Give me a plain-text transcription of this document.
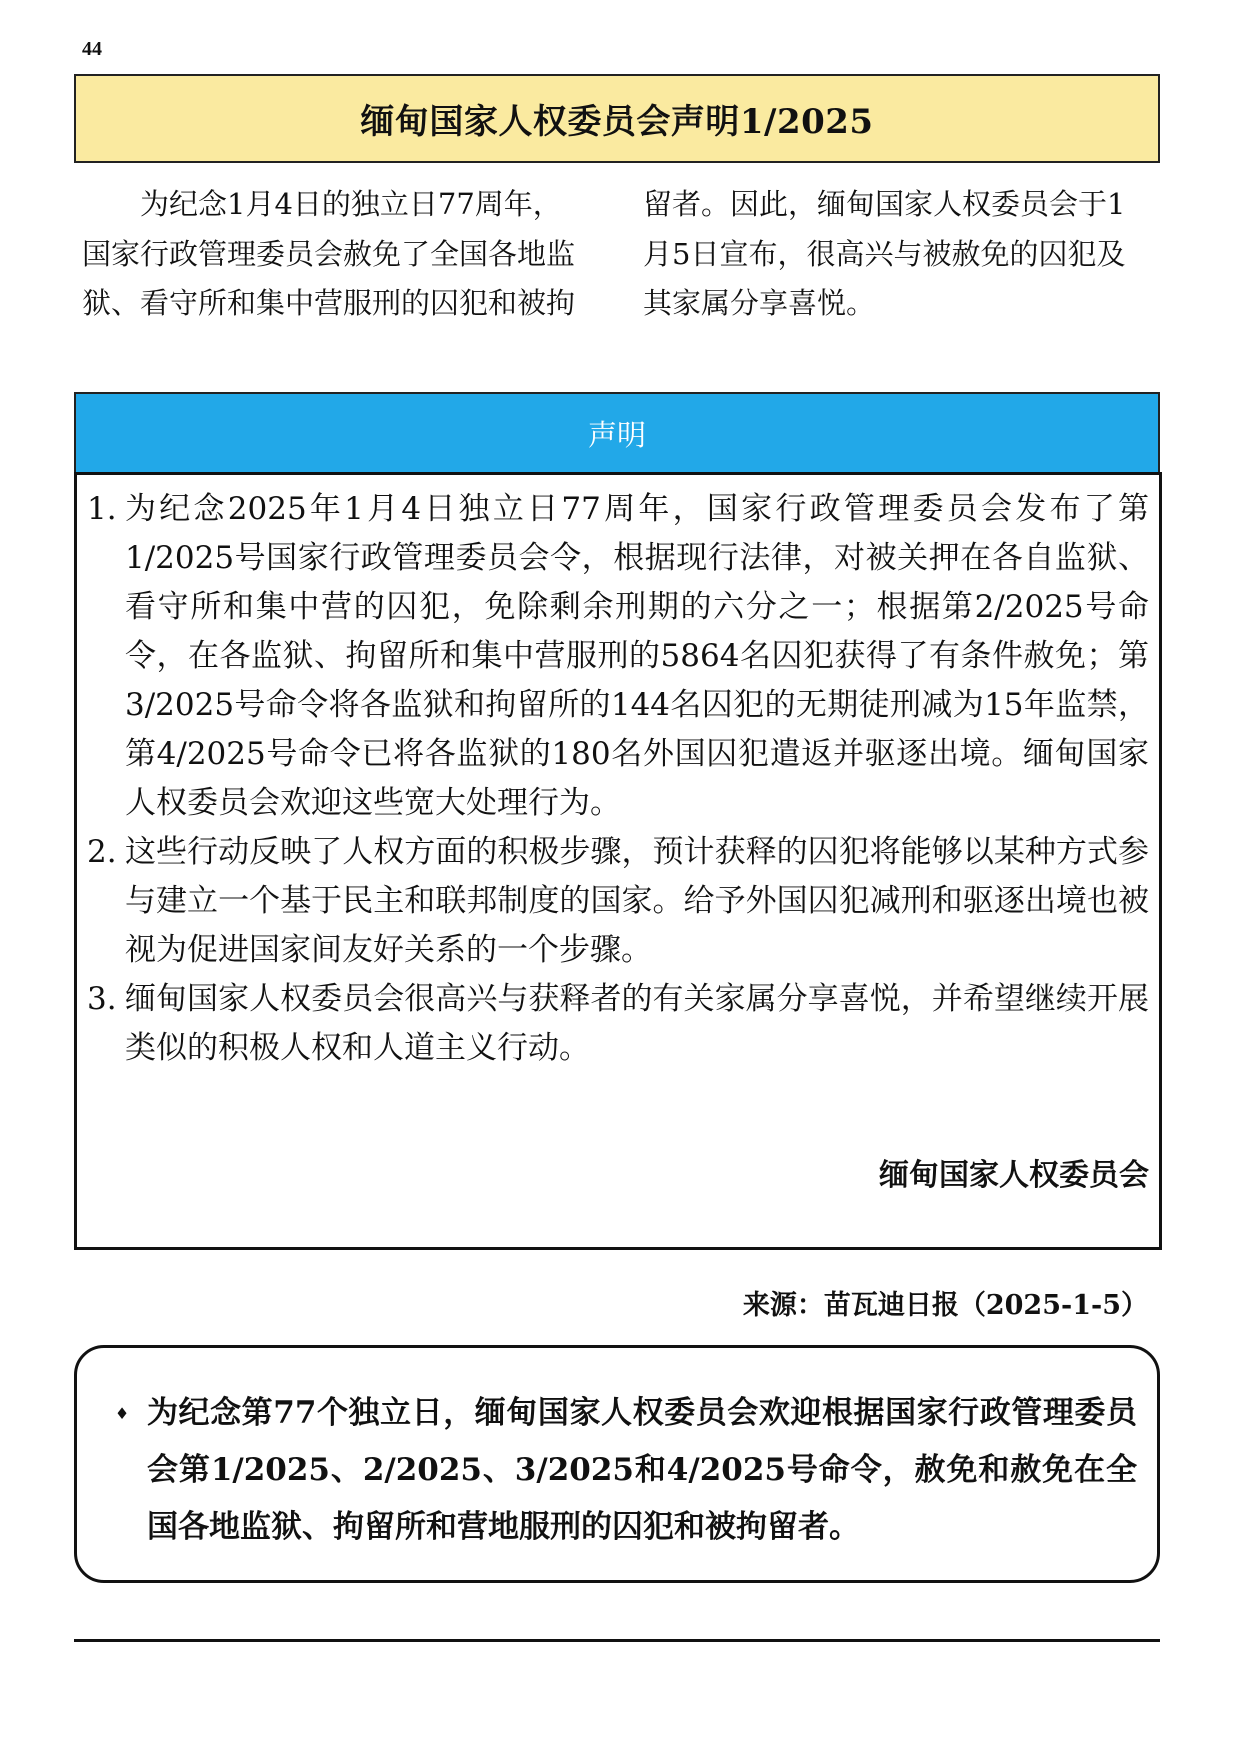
44
缅甸国家人权委员会声明1/2025

为纪念1月4日的独立日77周年，国家行政管理委员会赦免了全国各地监狱、看守所和集中营服刑的囚犯和被拘留者。因此，缅甸国家人权委员会于1月5日宣布，很高兴与被赦免的囚犯及其家属分享喜悦。

声明
1. 为纪念2025年1月4日独立日77周年，国家行政管理委员会发布了第1/2025号国家行政管理委员会令，根据现行法律，对被关押在各自监狱、看守所和集中营的囚犯，免除剩余刑期的六分之一；根据第2/2025号命令，在各监狱、拘留所和集中营服刑的5864名囚犯获得了有条件赦免；第3/2025号命令将各监狱和拘留所的144名囚犯的无期徒刑减为15年监禁，第4/2025号命令已将各监狱的180名外国囚犯遣返并驱逐出境。缅甸国家人权委员会欢迎这些宽大处理行为。
2. 这些行动反映了人权方面的积极步骤，预计获释的囚犯将能够以某种方式参与建立一个基于民主和联邦制度的国家。给予外国囚犯减刑和驱逐出境也被视为促进国家间友好关系的一个步骤。
3. 缅甸国家人权委员会很高兴与获释者的有关家属分享喜悦，并希望继续开展类似的积极人权和人道主义行动。
缅甸国家人权委员会
来源：苗瓦迪日报（2025-1-5）
♦ 为纪念第77个独立日，缅甸国家人权委员会欢迎根据国家行政管理委员会第1/2025、2/2025、3/2025和4/2025号命令，赦免和赦免在全国各地监狱、拘留所和营地服刑的囚犯和被拘留者。
